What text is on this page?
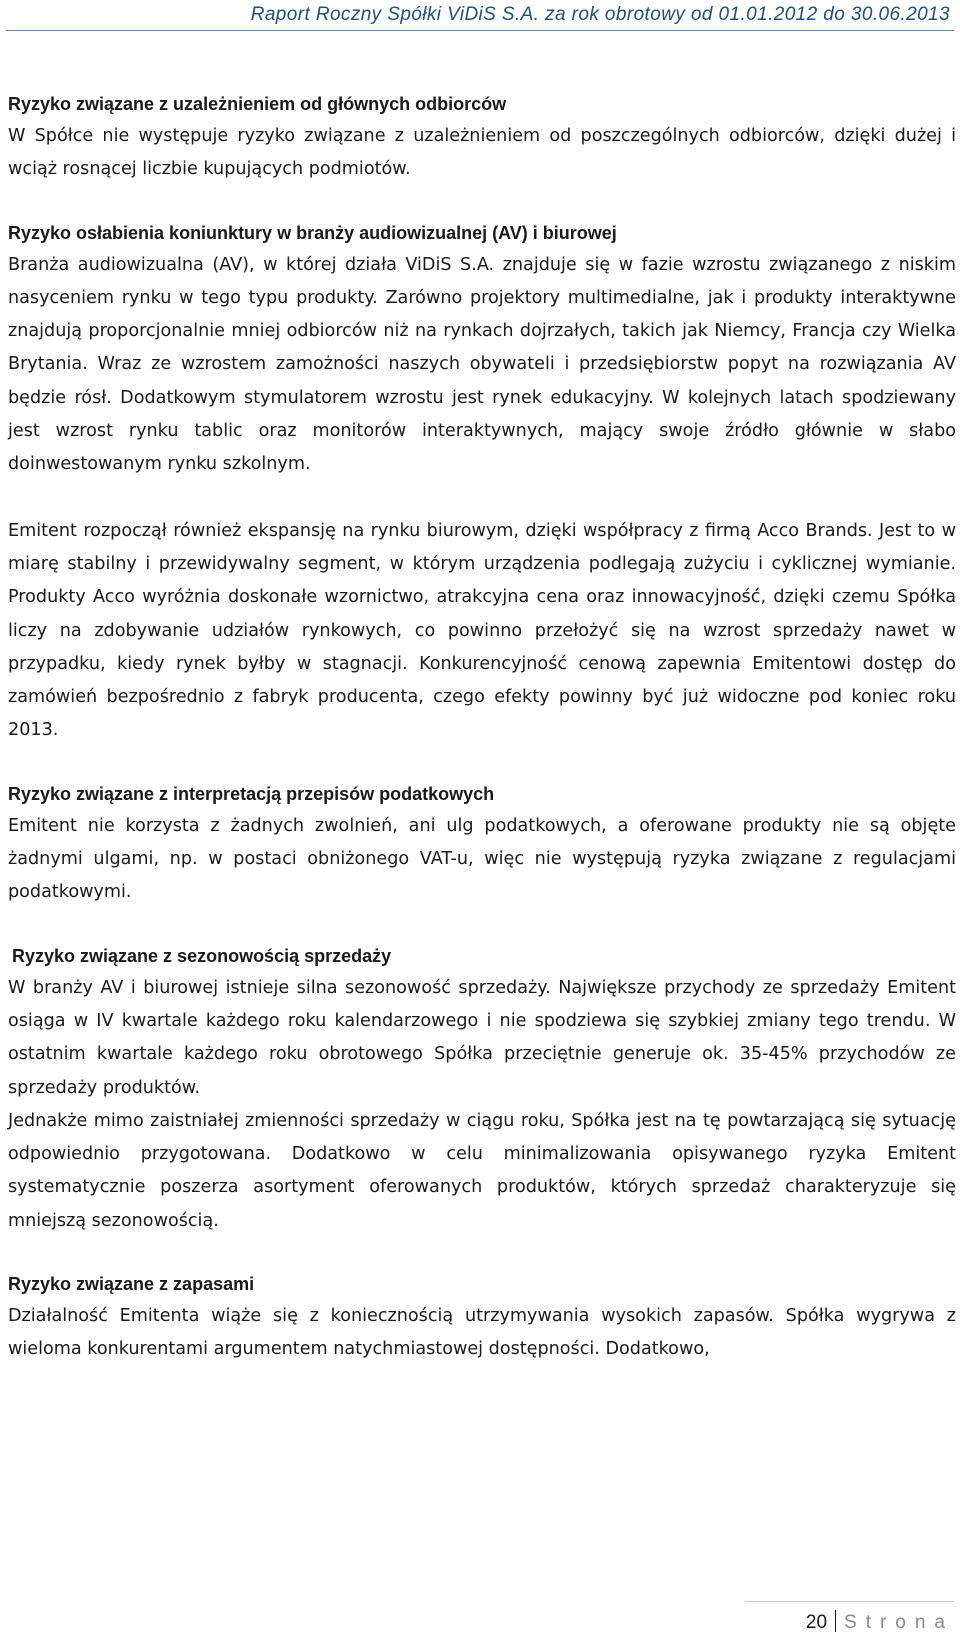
Raport Roczny Spółki ViDiS S.A. za rok obrotowy od 01.01.2012 do 30.06.2013

Ryzyko związane z uzależnieniem od głównych odbiorców

W Spółce nie występuje ryzyko związane z uzależnieniem od poszczególnych odbiorców, dzięki dużej i wciąż rosnącej liczbie kupujących podmiotów.

Ryzyko osłabienia koniunktury w branży audiowizualnej (AV) i biurowej

Branża audiowizualna (AV), w której działa ViDiS S.A. znajduje się w fazie wzrostu związanego z niskim nasyceniem rynku w tego typu produkty. Zarówno projektory multimedialne, jak i produkty interaktywne znajdują proporcjonalnie mniej odbiorców niż na rynkach dojrzałych, takich jak Niemcy, Francja czy Wielka Brytania. Wraz ze wzrostem zamożności naszych obywateli i przedsiębiorstw popyt na rozwiązania AV będzie rósł. Dodatkowym stymulatorem wzrostu jest rynek edukacyjny. W kolejnych latach spodziewany jest wzrost rynku tablic oraz monitorów interaktywnych, mający swoje źródło głównie w słabo doinwestowanym rynku szkolnym.

Emitent rozpoczął również ekspansję na rynku biurowym, dzięki współpracy z firmą Acco Brands. Jest to w miarę stabilny i przewidywalny segment, w którym urządzenia podlegają zużyciu i cyklicznej wymianie. Produkty Acco wyróżnia doskonałe wzornictwo, atrakcyjna cena oraz innowacyjność, dzięki czemu Spółka liczy na zdobywanie udziałów rynkowych, co powinno przełożyć się na wzrost sprzedaży nawet w przypadku, kiedy rynek byłby w stagnacji. Konkurencyjność cenową zapewnia Emitentowi dostęp do zamówień bezpośrednio z fabryk producenta, czego efekty powinny być już widoczne pod koniec roku 2013.

Ryzyko związane z interpretacją przepisów podatkowych

Emitent nie korzysta z żadnych zwolnień, ani ulg podatkowych, a oferowane produkty nie są objęte żadnymi ulgami, np. w postaci obniżonego VAT-u, więc nie występują ryzyka związane z regulacjami podatkowymi.

Ryzyko związane z sezonowością sprzedaży

W branży AV i biurowej istnieje silna sezonowość sprzedaży. Największe przychody ze sprzedaży Emitent osiąga w IV kwartale każdego roku kalendarzowego i nie spodziewa się szybkiej zmiany tego trendu. W ostatnim kwartale każdego roku obrotowego Spółka przeciętnie generuje ok. 35-45% przychodów ze sprzedaży produktów.

Jednakże mimo zaistniałej zmienności sprzedaży w ciągu roku, Spółka jest na tę powtarzającą się sytuację odpowiednio przygotowana. Dodatkowo w celu minimalizowania opisywanego ryzyka Emitent systematycznie poszerza asortyment oferowanych produktów, których sprzedaż charakteryzuje się mniejszą sezonowością.

Ryzyko związane z zapasami

Działalność Emitenta wiąże się z koniecznością utrzymywania wysokich zapasów. Spółka wygrywa z wieloma konkurentami argumentem natychmiastowej dostępności. Dodatkowo,

20 Strona
